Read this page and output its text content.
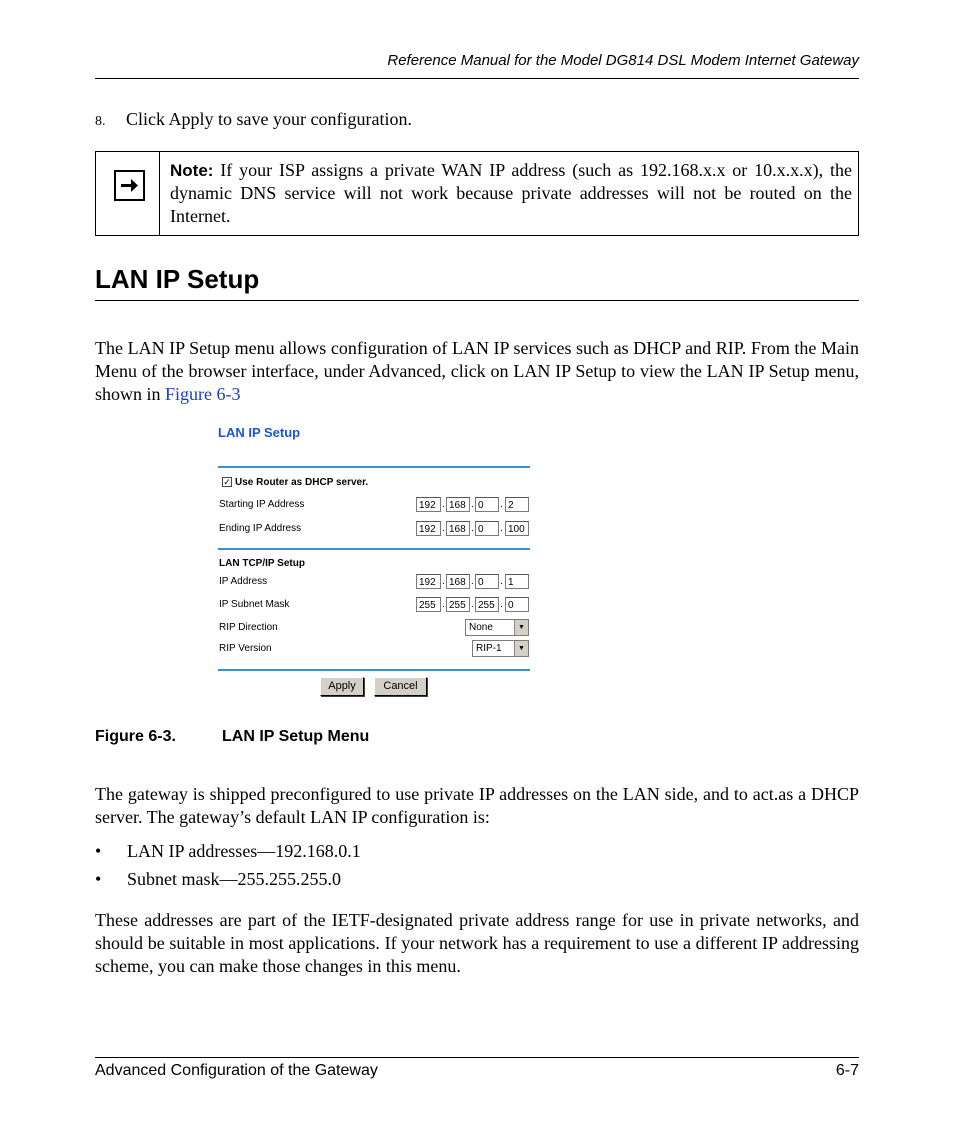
Reference Manual for the Model DG814 DSL Modem Internet Gateway
8. Click Apply to save your configuration.
Note: If your ISP assigns a private WAN IP address (such as 192.168.x.x or 10.x.x.x), the dynamic DNS service will not work because private addresses will not be routed on the Internet.
LAN IP Setup
The LAN IP Setup menu allows configuration of LAN IP services such as DHCP and RIP. From the Main Menu of the browser interface, under Advanced, click on LAN IP Setup to view the LAN IP Setup menu, shown in Figure 6-3
LAN IP Setup
✓ Use Router as DHCP server.
Starting IP Address	192 . 168 . 0	. 2
Ending IP Address	192 . 168 . 0	. 100
LAN TCP/IP Setup
IP Address	192 . 168 . 0	. 1
IP Subnet Mask	255 . 255 . 255 . 0
RIP Direction	None	▼
RIP Version	RIP-1	▼
Apply	Cancel
Figure 6-3.	LAN IP Setup Menu
The gateway is shipped preconfigured to use private IP addresses on the LAN side, and to act.as a DHCP server. The gateway’s default LAN IP configuration is:
• LAN IP addresses—192.168.0.1
• Subnet mask—255.255.255.0
These addresses are part of the IETF-designated private address range for use in private networks, and should be suitable in most applications. If your network has a requirement to use a different IP addressing scheme, you can make those changes in this menu.
Advanced Configuration of the Gateway	6-7
